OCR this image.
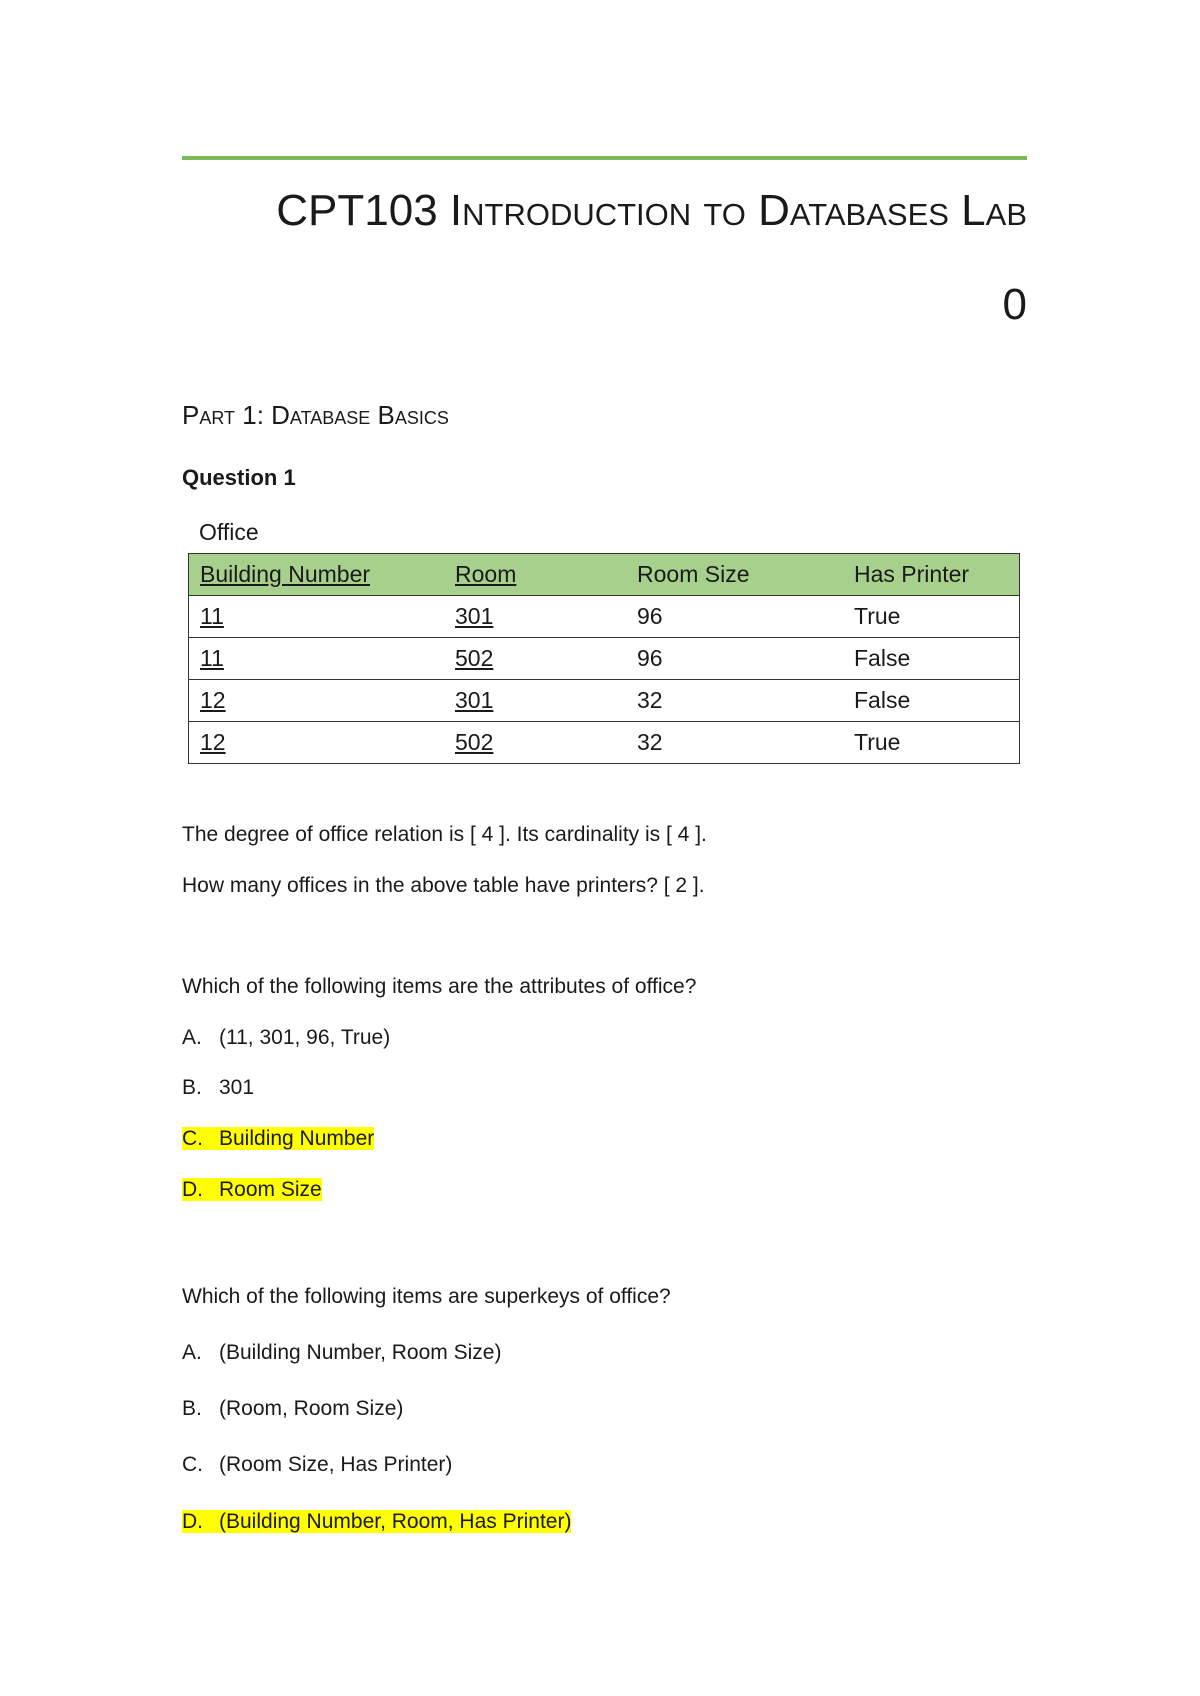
CPT103 Introduction to Databases Lab
0
Part 1: Database Basics
Question 1
Office
Building Number	Room	Room Size	Has Printer
11	301	96	True
11	502	96	False
12	301	32	False
12	502	32	True
The degree of office relation is [ 4 ]. Its cardinality is [ 4 ].
How many offices in the above table have printers? [ 2 ].
Which of the following items are the attributes of office?
A. (11, 301, 96, True)
B. 301
C. Building Number
D. Room Size
Which of the following items are superkeys of office?
A. (Building Number, Room Size)
B. (Room, Room Size)
C. (Room Size, Has Printer)
D. (Building Number, Room, Has Printer)
